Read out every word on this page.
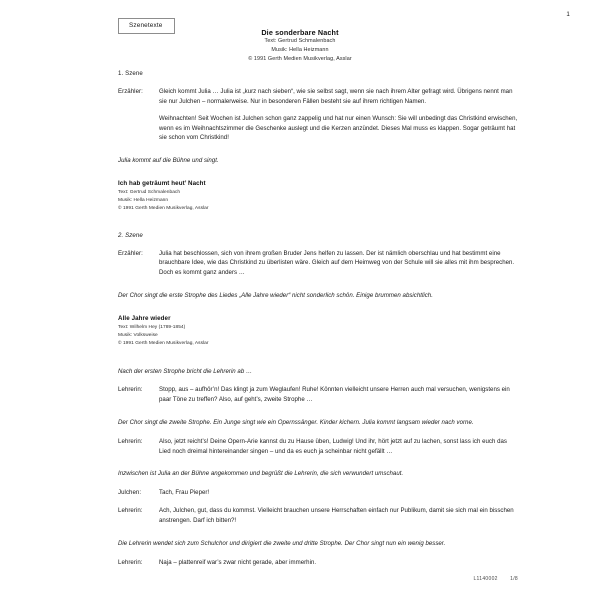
1
Szenetexte
Die sonderbare Nacht
Text: Gertrud Schmalenbach
Musik: Hella Heizmann
© 1991 Gerth Medien Musikverlag, Asslar
1. Szene
Erzähler:	Gleich kommt Julia … Julia ist „kurz nach sieben“, wie sie selbst sagt, wenn sie nach ihrem Alter gefragt wird. Übrigens nennt man sie nur Julchen – normalerweise. Nur in besonderen Fällen besteht sie auf ihrem richtigen Namen.

Weihnachten! Seit Wochen ist Julchen schon ganz zappelig und hat nur einen Wunsch: Sie will unbedingt das Christkind erwischen, wenn es im Weihnachtszimmer die Geschenke auslegt und die Kerzen anzündet. Dieses Mal muss es klappen. Sogar geträumt hat sie schon vom Christkind!

Julia kommt auf die Bühne und singt.
Ich hab geträumt heut’ Nacht
Text: Gertrud Schmalenbach
Musik: Hella Heizmann
© 1991 Gerth Medien Musikverlag, Asslar
2. Szene
Erzähler:	Julia hat beschlossen, sich von ihrem großen Bruder Jens helfen zu lassen. Der ist nämlich oberschlau und hat bestimmt eine brauchbare Idee, wie das Christkind zu überlisten wäre. Gleich auf dem Heimweg von der Schule will sie alles mit ihm besprechen. Doch es kommt ganz anders …

Der Chor singt die erste Strophe des Liedes „Alle Jahre wieder“ nicht sonderlich schön. Einige brummen absichtlich.
Alle Jahre wieder
Text: Wilhelm Hey (1789-1854)
Musik: Volksweise
© 1991 Gerth Medien Musikverlag, Asslar
Nach der ersten Strophe bricht die Lehrerin ab …
Lehrerin:	Stopp, aus – aufhör’n! Das klingt ja zum Weglaufen! Ruhe! Könnten vielleicht unsere Herren auch mal versuchen, wenigstens ein paar Töne zu treffen? Also, auf geht’s, zweite Strophe …

Der Chor singt die zweite Strophe. Ein Junge singt wie ein Opernssänger. Kinder kichern. Julia kommt langsam wieder nach vorne.
Lehrerin:	Also, jetzt reicht’s! Deine Opern-Arie kannst du zu Hause üben, Ludwig! Und ihr, hört jetzt auf zu lachen, sonst lass ich euch das Lied noch dreimal hintereinander singen – und da es euch ja scheinbar nicht gefällt …

Inzwischen ist Julia an der Bühne angekommen und begrüßt die Lehrerin, die sich verwundert umschaut.
Julchen:	Tach, Frau Pieper!

Lehrerin:	Ach, Julchen, gut, dass du kommst. Vielleicht brauchen unsere Herrschaften einfach nur Publikum, damit sie sich mal ein bisschen anstrengen. Darf ich bitten?!

Die Lehrerin wendet sich zum Schulchor und dirigiert die zweite und dritte Strophe. Der Chor singt nun ein wenig besser.
Lehrerin:	Naja – plattenreif war’s zwar nicht gerade, aber immerhin.

L1140002 1/8
